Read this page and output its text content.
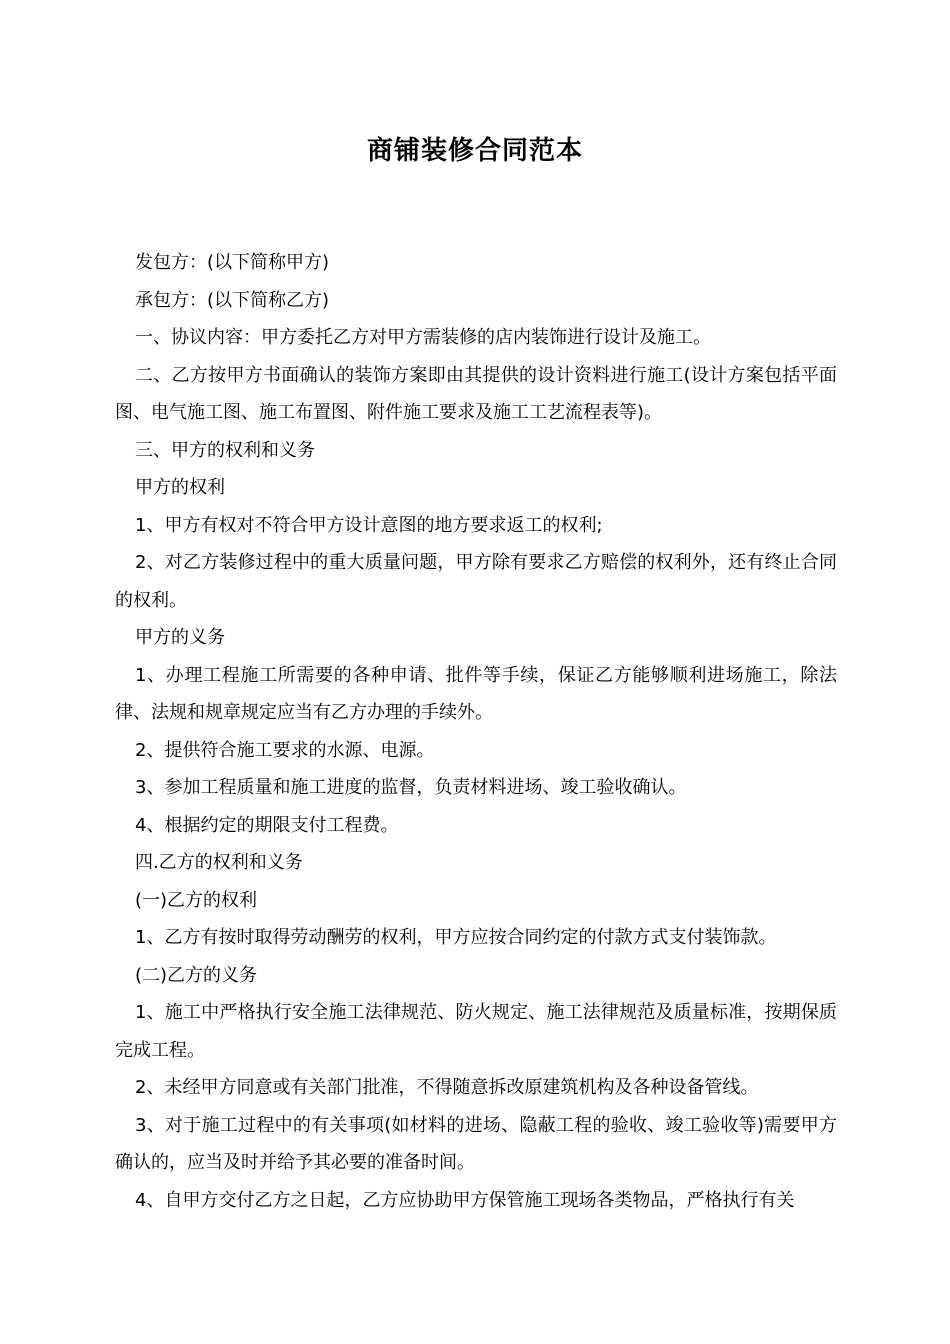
商铺装修合同范本

发包方：(以下简称甲方)

承包方：(以下简称乙方)

一、协议内容：甲方委托乙方对甲方需装修的店内装饰进行设计及施工。

二、乙方按甲方书面确认的装饰方案即由其提供的设计资料进行施工(设计方案包括平面图、电气施工图、施工布置图、附件施工要求及施工工艺流程表等)。

三、甲方的权利和义务

甲方的权利

1、甲方有权对不符合甲方设计意图的地方要求返工的权利;

2、对乙方装修过程中的重大质量问题，甲方除有要求乙方赔偿的权利外，还有终止合同的权利。

甲方的义务

1、办理工程施工所需要的各种申请、批件等手续，保证乙方能够顺利进场施工，除法律、法规和规章规定应当有乙方办理的手续外。

2、提供符合施工要求的水源、电源。

3、参加工程质量和施工进度的监督，负责材料进场、竣工验收确认。

4、根据约定的期限支付工程费。

四.乙方的权利和义务

(一)乙方的权利

1、乙方有按时取得劳动酬劳的权利，甲方应按合同约定的付款方式支付装饰款。

(二)乙方的义务

1、施工中严格执行安全施工法律规范、防火规定、施工法律规范及质量标准，按期保质完成工程。

2、未经甲方同意或有关部门批准，不得随意拆改原建筑机构及各种设备管线。

3、对于施工过程中的有关事项(如材料的进场、隐蔽工程的验收、竣工验收等)需要甲方确认的，应当及时并给予其必要的准备时间。

4、自甲方交付乙方之日起，乙方应协助甲方保管施工现场各类物品，严格执行有关
